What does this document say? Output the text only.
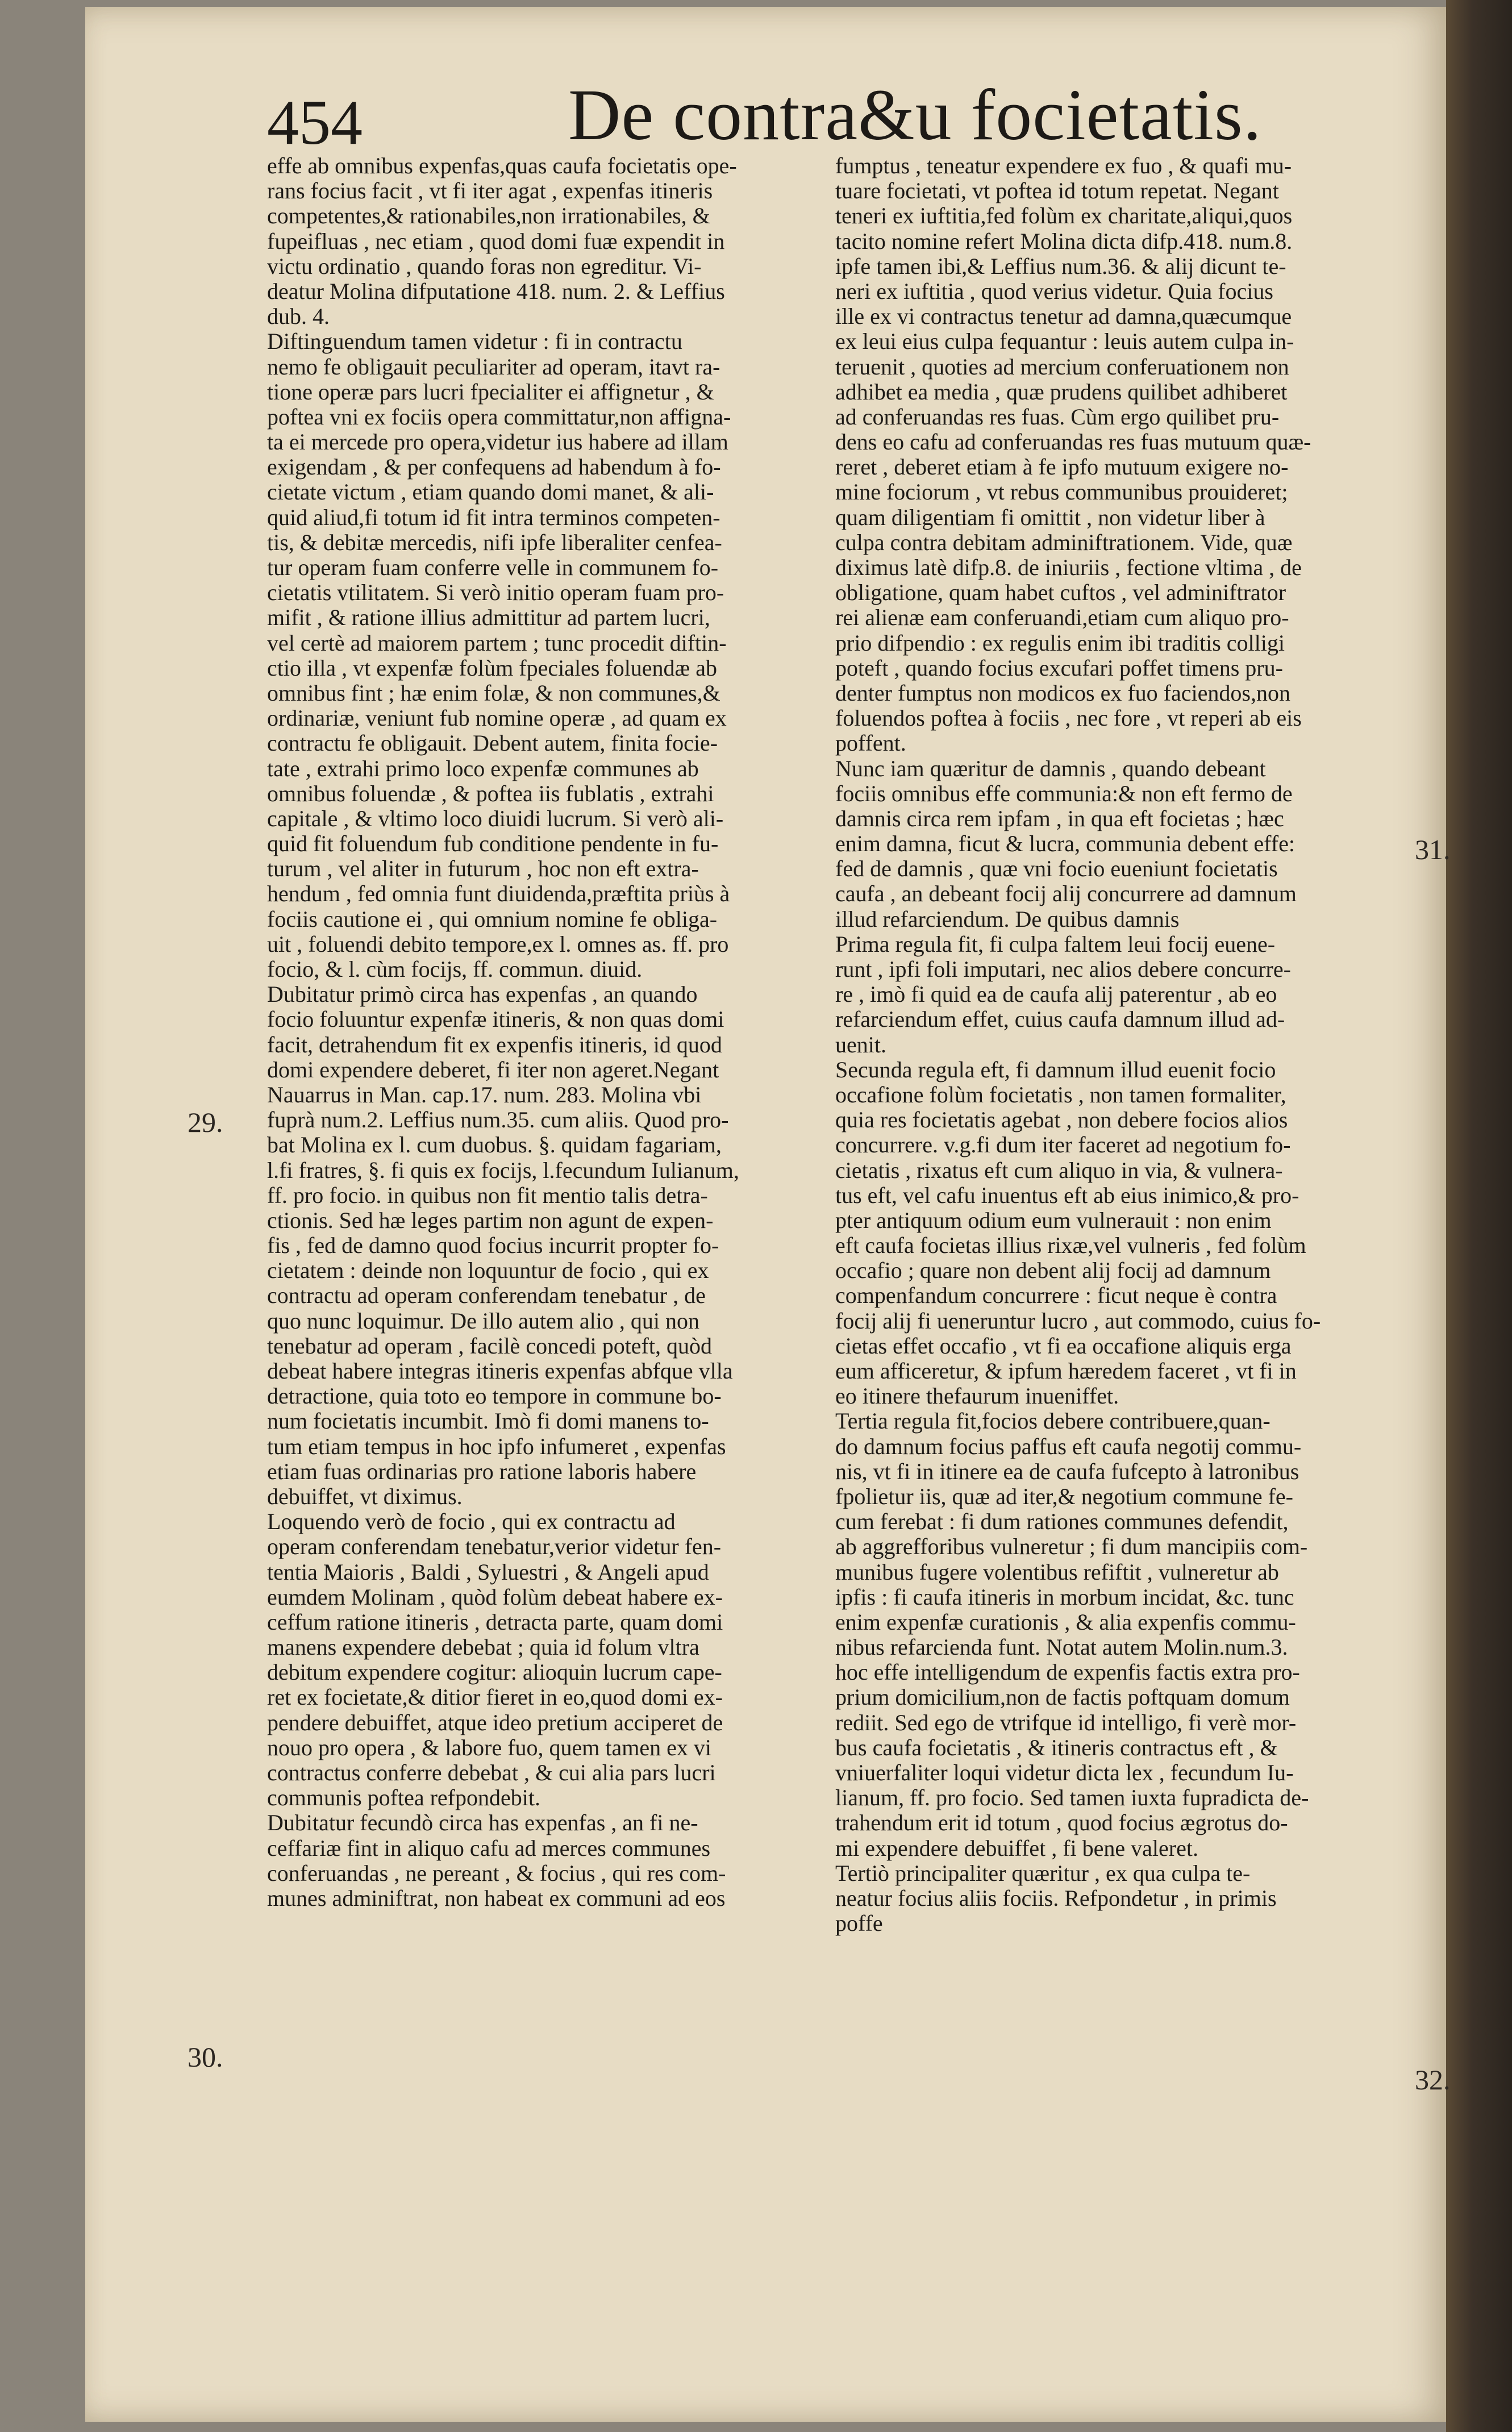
454	De contra&u focietatis.
effe ab omnibus expenfas,quas caufa focietatis ope-
rans focius facit , vt fi iter agat , expenfas itineris
competentes,& rationabiles,non irrationabiles, &
fupeifluas , nec etiam , quod domi fuæ expendit in
victu ordinatio , quando foras non egreditur. Vi-
deatur Molina difputatione 418. num. 2. & Leffius
dub. 4.
Diftinguendum tamen videtur : fi in contractu
nemo fe obligauit peculiariter ad operam, itavt ra-
tione operæ pars lucri fpecialiter ei affignetur , &
poftea vni ex fociis opera committatur,non affigna-
ta ei mercede pro opera,videtur ius habere ad illam
exigendam , & per confequens ad habendum à fo-
cietate victum , etiam quando domi manet, & ali-
quid aliud,fi totum id fit intra terminos competen-
tis, & debitæ mercedis, nifi ipfe liberaliter cenfea-
tur operam fuam conferre velle in communem fo-
cietatis vtilitatem. Si verò initio operam fuam pro-
mifit , & ratione illius admittitur ad partem lucri,
vel certè ad maiorem partem ; tunc procedit diftin-
ctio illa , vt expenfæ folùm fpeciales foluendæ ab
omnibus fint ; hæ enim folæ, & non communes,&
ordinariæ, veniunt fub nomine operæ , ad quam ex
contractu fe obligauit. Debent autem, finita focie-
tate , extrahi primo loco expenfæ communes ab
omnibus foluendæ , & poftea iis fublatis , extrahi
capitale , & vltimo loco diuidi lucrum. Si verò ali-
quid fit foluendum fub conditione pendente in fu-
turum , vel aliter in futurum , hoc non eft extra-
hendum , fed omnia funt diuidenda,præftita priùs à
fociis cautione ei , qui omnium nomine fe obliga-
uit , foluendi debito tempore,ex l. omnes as. ff. pro
focio, & l. cùm focijs, ff. commun. diuid.
Dubitatur primò circa has expenfas , an quando
focio foluuntur expenfæ itineris, & non quas domi
facit, detrahendum fit ex expenfis itineris, id quod
domi expendere deberet, fi iter non ageret.Negant
Nauarrus in Man. cap.17. num. 283. Molina vbi
fuprà num.2. Leffius num.35. cum aliis. Quod pro-
bat Molina ex l. cum duobus. §. quidam fagariam,
l.fi fratres, §. fi quis ex focijs, l.fecundum Iulianum,
ff. pro focio. in quibus non fit mentio talis detra-
ctionis. Sed hæ leges partim non agunt de expen-
fis , fed de damno quod focius incurrit propter fo-
cietatem : deinde non loquuntur de focio , qui ex
contractu ad operam conferendam tenebatur , de
quo nunc loquimur. De illo autem alio , qui non
tenebatur ad operam , facilè concedi poteft, quòd
debeat habere integras itineris expenfas abfque vlla
detractione, quia toto eo tempore in commune bo-
num focietatis incumbit. Imò fi domi manens to-
tum etiam tempus in hoc ipfo infumeret , expenfas
etiam fuas ordinarias pro ratione laboris habere
debuiffet, vt diximus.
Loquendo verò de focio , qui ex contractu ad
operam conferendam tenebatur,verior videtur fen-
tentia Maioris , Baldi , Syluestri , & Angeli apud
eumdem Molinam , quòd folùm debeat habere ex-
ceffum ratione itineris , detracta parte, quam domi
manens expendere debebat ; quia id folum vltra
debitum expendere cogitur: alioquin lucrum cape-
ret ex focietate,& ditior fieret in eo,quod domi ex-
pendere debuiffet, atque ideo pretium acciperet de
nouo pro opera , & labore fuo, quem tamen ex vi
contractus conferre debebat , & cui alia pars lucri
communis poftea refpondebit.
Dubitatur fecundò circa has expenfas , an fi ne-
ceffariæ fint in aliquo cafu ad merces communes
conferuandas , ne pereant , & focius , qui res com-
munes adminiftrat, non habeat ex communi ad eos
fumptus , teneatur expendere ex fuo , & quafi mu-
tuare focietati, vt poftea id totum repetat. Negant
teneri ex iuftitia,fed folùm ex charitate,aliqui,quos
tacito nomine refert Molina dicta difp.418. num.8.
ipfe tamen ibi,& Leffius num.36. & alij dicunt te-
neri ex iuftitia , quod verius videtur. Quia focius
ille ex vi contractus tenetur ad damna,quæcumque
ex leui eius culpa fequantur : leuis autem culpa in-
teruenit , quoties ad mercium conferuationem non
adhibet ea media , quæ prudens quilibet adhiberet
ad conferuandas res fuas. Cùm ergo quilibet pru-
dens eo cafu ad conferuandas res fuas mutuum quæ-
reret , deberet etiam à fe ipfo mutuum exigere no-
mine fociorum , vt rebus communibus prouideret;
quam diligentiam fi omittit , non videtur liber à
culpa contra debitam adminiftrationem. Vide, quæ
diximus latè difp.8. de iniuriis , fectione vltima , de
obligatione, quam habet cuftos , vel adminiftrator
rei alienæ eam conferuandi,etiam cum aliquo pro-
prio difpendio : ex regulis enim ibi traditis colligi
poteft , quando focius excufari poffet timens pru-
denter fumptus non modicos ex fuo faciendos,non
foluendos poftea à fociis , nec fore , vt reperi ab eis
poffent.
Nunc iam quæritur de damnis , quando debeant
fociis omnibus effe communia:& non eft fermo de
damnis circa rem ipfam , in qua eft focietas ; hæc
enim damna, ficut & lucra, communia debent effe:
fed de damnis , quæ vni focio eueniunt focietatis
caufa , an debeant focij alij concurrere ad damnum
illud refarciendum. De quibus damnis
Prima regula fit, fi culpa faltem leui focij euene-
runt , ipfi foli imputari, nec alios debere concurre-
re , imò fi quid ea de caufa alij paterentur , ab eo
refarciendum effet, cuius caufa damnum illud ad-
uenit.
Secunda regula eft, fi damnum illud euenit focio
occafione folùm focietatis , non tamen formaliter,
quia res focietatis agebat , non debere focios alios
concurrere. v.g.fi dum iter faceret ad negotium fo-
cietatis , rixatus eft cum aliquo in via, & vulnera-
tus eft, vel cafu inuentus eft ab eius inimico,& pro-
pter antiquum odium eum vulnerauit : non enim
eft caufa focietas illius rixæ,vel vulneris , fed folùm
occafio ; quare non debent alij focij ad damnum
compenfandum concurrere : ficut neque è contra
focij alij fi ueneruntur lucro , aut commodo, cuius fo-
cietas effet occafio , vt fi ea occafione aliquis erga
eum afficeretur, & ipfum hæredem faceret , vt fi in
eo itinere thefaurum inueniffet.
Tertia regula fit,focios debere contribuere,quan-
do damnum focius paffus eft caufa negotij commu-
nis, vt fi in itinere ea de caufa fufcepto à latronibus
fpolietur iis, quæ ad iter,& negotium commune fe-
cum ferebat : fi dum rationes communes defendit,
ab aggrefforibus vulneretur ; fi dum mancipiis com-
munibus fugere volentibus refiftit , vulneretur ab
ipfis : fi caufa itineris in morbum incidat, &c. tunc
enim expenfæ curationis , & alia expenfis commu-
nibus refarcienda funt. Notat autem Molin.num.3.
hoc effe intelligendum de expenfis factis extra pro-
prium domicilium,non de factis poftquam domum
rediit. Sed ego de vtrifque id intelligo, fi verè mor-
bus caufa focietatis , & itineris contractus eft , &
vniuerfaliter loqui videtur dicta lex , fecundum Iu-
lianum, ff. pro focio. Sed tamen iuxta fupradicta de-
trahendum erit id totum , quod focius ægrotus do-
mi expendere debuiffet , fi bene valeret.
Tertiò principaliter quæritur , ex qua culpa te-
neatur focius aliis fociis. Refpondetur , in primis
poffe
29.
30.
31.
32.
